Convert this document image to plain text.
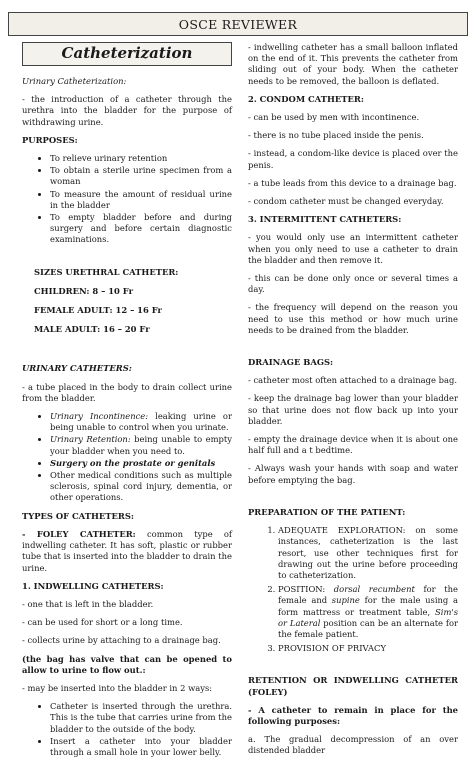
OSCE REVIEWER
Catheterization

Urinary Catheterization:

- the introduction of a catheter through the urethra into the bladder for the purpose of withdrawing urine.

PURPOSES:

• To relieve urinary retention
• To obtain a sterile urine specimen from a woman
• To measure the amount of residual urine in the bladder
• To empty bladder before and during surgery and before certain diagnostic examinations.
SIZES URETHRAL CATHETER:
CHILDREN: 8 – 10 Fr
FEMALE ADULT: 12 – 16 Fr
MALE ADULT: 16 – 20 Fr

URINARY CATHETERS:

- a tube placed in the body to drain collect urine from the bladder.

• Urinary Incontinence: leaking urine or being unable to control when you urinate.
• Urinary Retention: being unable to empty your bladder when you need to.
• Surgery on the prostate or genitals
• Other medical conditions such as multiple sclerosis, spinal cord injury, dementia, or other operations.

TYPES OF CATHETERS:

- FOLEY CATHETER: common type of indwelling catheter. It has soft, plastic or rubber tube that is inserted into the bladder to drain the urine.

1. INDWELLING CATHETERS:

- one that is left in the bladder.

- can be used for short or a long time.

- collects urine by attaching to a drainage bag.

(the bag has valve that can be opened to allow to urine to flow out.:

- may be inserted into the bladder in 2 ways:

• Catheter is inserted through the urethra. This is the tube that carries urine from the bladder to the outside of the body.
• Insert a catheter into your bladder through a small hole in your lower belly.

- indwelling catheter has a small balloon inflated on the end of it. This prevents the catheter from sliding out of your body. When the catheter needs to be removed, the balloon is deflated.

2. CONDOM CATHETER:

- can be used by men with incontinence.

- there is no tube placed inside the penis.

- instead, a condom-like device is placed over the penis.

- a tube leads from this device to a drainage bag.

- condom catheter must be changed everyday.

3. INTERMITTENT CATHETERS:

- you would only use an intermittent catheter when you only need to use a catheter to drain the bladder and then remove it.

- this can be done only once or several times a day.

- the frequency will depend on the reason you need to use this method or how much urine needs to be drained from the bladder.

DRAINAGE BAGS:

- catheter most often attached to a drainage bag.

- keep the drainage bag lower than your bladder so that urine does not flow back up into your bladder.

- empty the drainage device when it is about one half full and a t bedtime.

- Always wash your hands with soap and water before emptying the bag.

PREPARATION OF THE PATIENT:

1. ADEQUATE EXPLORATION: on some instances, catheterization is the last resort, use other techniques first for drawing out the urine before proceeding to catheterization.
2. POSITION: dorsal recumbent for the female and supine for the male using a form mattress or treatment table, Sim's or Lateral position can be an alternate for the female patient.
3. PROVISION OF PRIVACY

RETENTION OR INDWELLING CATHETER (FOLEY)

- A catheter to remain in place for the following purposes:

a. The gradual decompression of an over distended bladder
